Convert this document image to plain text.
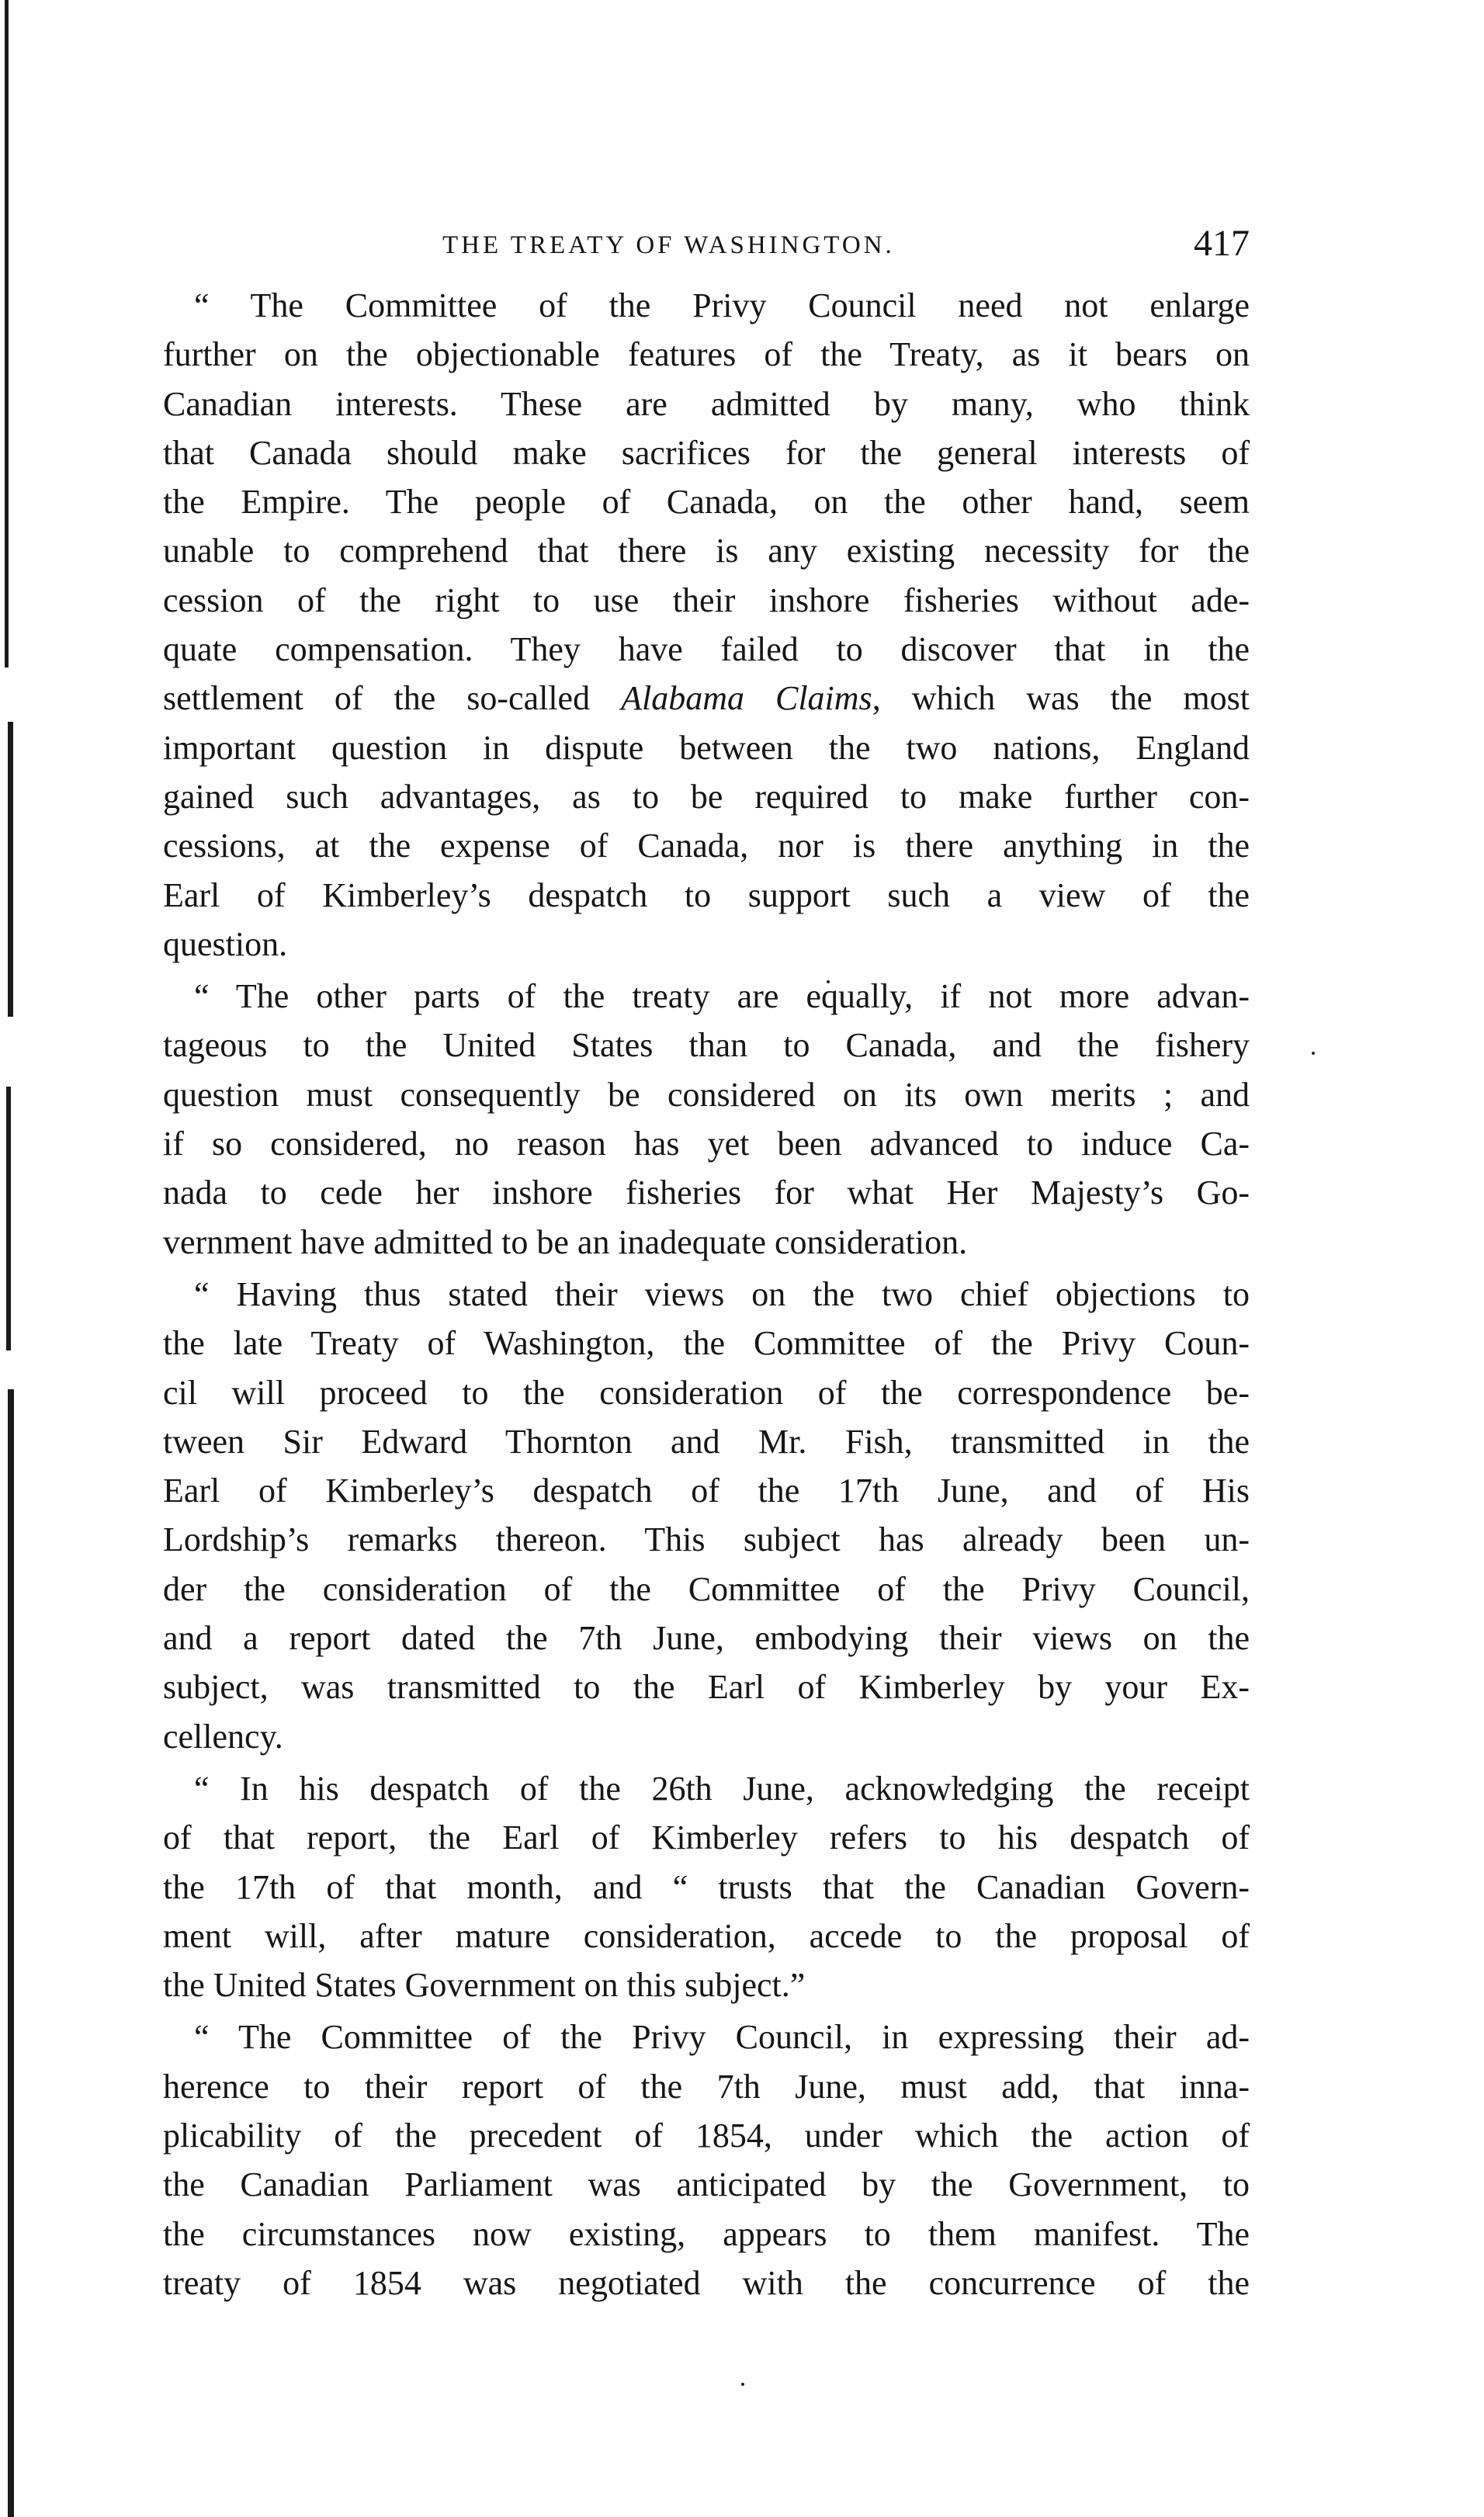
THE TREATY OF WASHINGTON.	417

“ The Committee of the Privy Council need not enlarge
further on the objectionable features of the Treaty, as it bears on
Canadian interests. These are admitted by many, who think
that Canada should make sacrifices for the general interests of
the Empire. The people of Canada, on the other hand, seem
unable to comprehend that there is any existing necessity for the
cession of the right to use their inshore fisheries without ade-
quate compensation. They have failed to discover that in the
settlement of the so-called Alabama Claims, which was the most
important question in dispute between the two nations, England
gained such advantages, as to be required to make further con-
cessions, at the expense of Canada, nor is there anything in the
Earl of Kimberley’s despatch to support such a view of the
question.

“ The other parts of the treaty are equally, if not more advan-
tageous to the United States than to Canada, and the fishery
question must consequently be considered on its own merits ; and
if so considered, no reason has yet been advanced to induce Ca-
nada to cede her inshore fisheries for what Her Majesty’s Go-
vernment have admitted to be an inadequate consideration.

“ Having thus stated their views on the two chief objections to
the late Treaty of Washington, the Committee of the Privy Coun-
cil will proceed to the consideration of the correspondence be-
tween Sir Edward Thornton and Mr. Fish, transmitted in the
Earl of Kimberley’s despatch of the 17th June, and of His
Lordship’s remarks thereon. This subject has already been un-
der the consideration of the Committee of the Privy Council,
and a report dated the 7th June, embodying their views on the
subject, was transmitted to the Earl of Kimberley by your Ex-
cellency.

“ In his despatch of the 26th June, acknowledging the receipt
of that report, the Earl of Kimberley refers to his despatch of
the 17th of that month, and “ trusts that the Canadian Govern-
ment will, after mature consideration, accede to the proposal of
the United States Government on this subject.”

“ The Committee of the Privy Council, in expressing their ad-
herence to their report of the 7th June, must add, that inna-
plicability of the precedent of 1854, under which the action of
the Canadian Parliament was anticipated by the Government, to
the circumstances now existing, appears to them manifest. The
treaty of 1854 was negotiated with the concurrence of the
